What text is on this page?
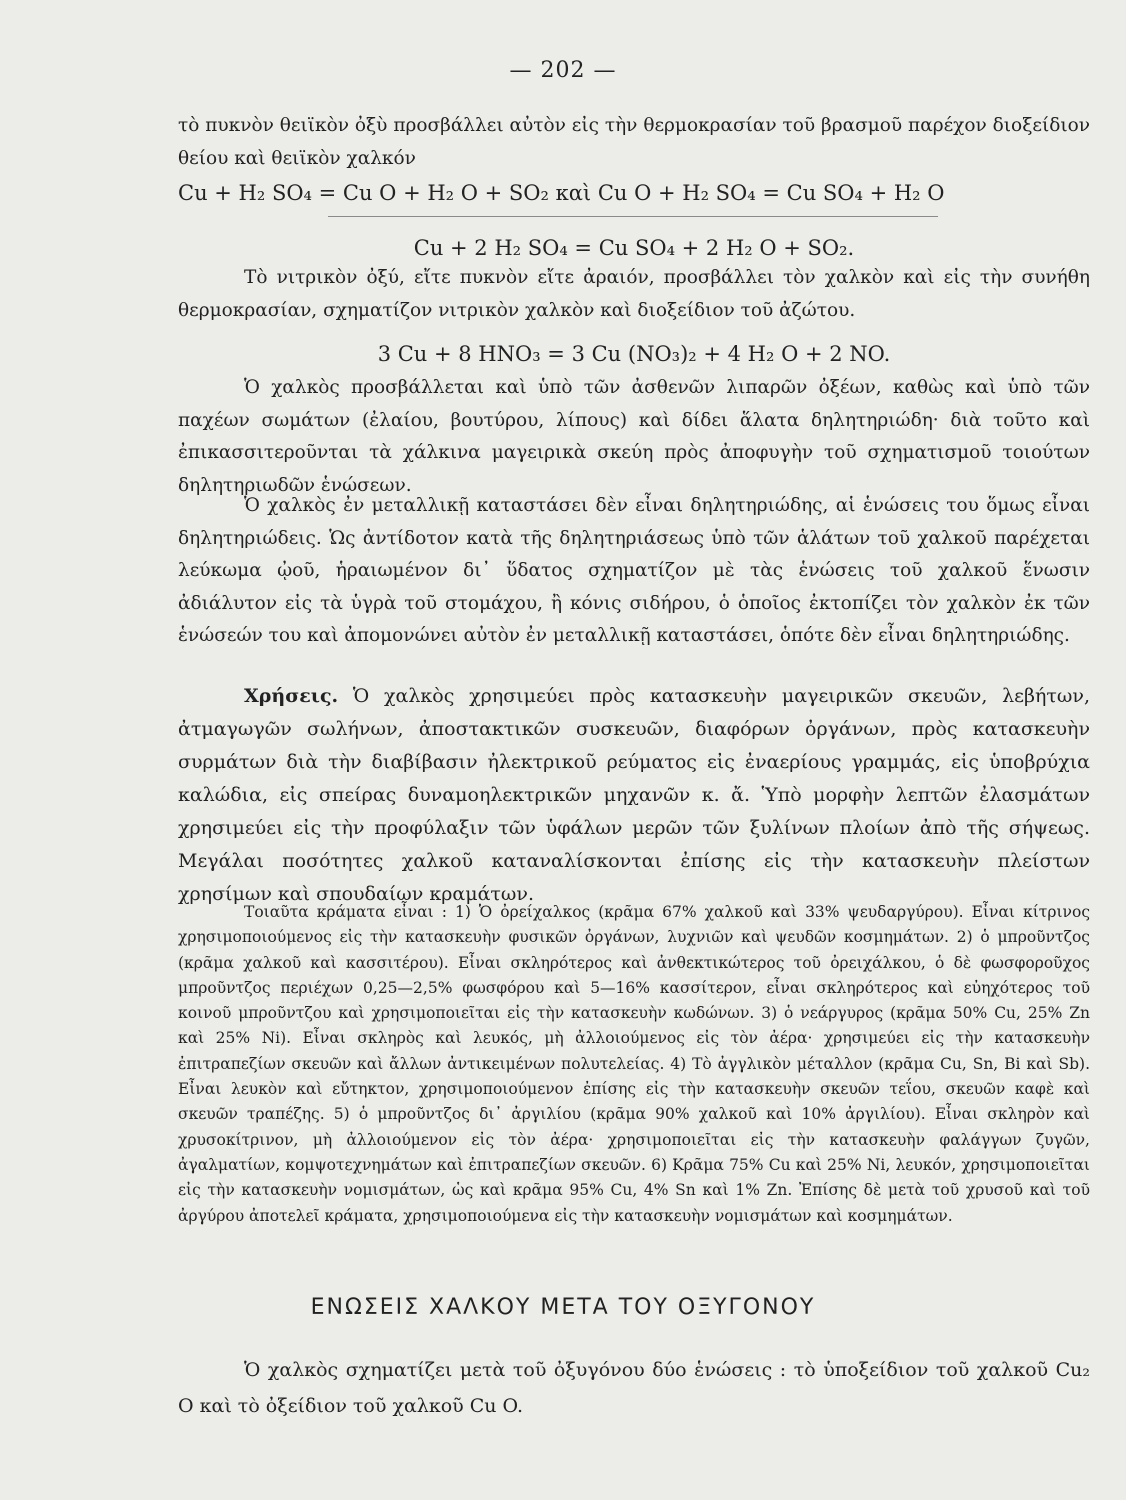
— 202 —

τὸ πυκνὸν θειϊκὸν ὀξὺ προσβάλλει αὐτὸν εἰς τὴν θερμοκρασίαν τοῦ βρασμοῦ παρέχον διοξείδιον θείου καὶ θειϊκὸν χαλκόν

Cu + H₂ SO₄ = Cu O + H₂ O + SO₂ καὶ Cu O + H₂ SO₄ = Cu SO₄ + H₂ O
Cu + 2 H₂ SO₄ = Cu SO₄ + 2 H₂ O + SO₂.

Τὸ νιτρικὸν ὀξύ, εἴτε πυκνὸν εἴτε ἀραιόν, προσβάλλει τὸν χαλκὸν καὶ εἰς τὴν συνήθη θερμοκρασίαν, σχηματίζον νιτρικὸν χαλκὸν καὶ διοξείδιον τοῦ ἀζώτου.

3 Cu + 8 HNO₃ = 3 Cu (NO₃)₂ + 4 H₂ O + 2 NO.

Ὁ χαλκὸς προσβάλλεται καὶ ὑπὸ τῶν ἀσθενῶν λιπαρῶν ὀξέων, καθὼς καὶ ὑπὸ τῶν παχέων σωμάτων (ἐλαίου, βουτύρου, λίπους) καὶ δίδει ἅλατα δηλητηριώδη· διὰ τοῦτο καὶ ἐπικασσιτεροῦνται τὰ χάλκινα μαγειρικὰ σκεύη πρὸς ἀποφυγὴν τοῦ σχηματισμοῦ τοιούτων δηλητηριωδῶν ἑνώσεων.

Ὁ χαλκὸς ἐν μεταλλικῇ καταστάσει δὲν εἶναι δηλητηριώδης, αἱ ἑνώσεις του ὅμως εἶναι δηλητηριώδεις. Ὡς ἀντίδοτον κατὰ τῆς δηλητηριάσεως ὑπὸ τῶν ἁλάτων τοῦ χαλκοῦ παρέχεται λεύκωμα ᾠοῦ, ἡραιωμένον δι᾽ ὕδατος σχηματίζον μὲ τὰς ἑνώσεις τοῦ χαλκοῦ ἕνωσιν ἀδιάλυτον εἰς τὰ ὑγρὰ τοῦ στομάχου, ἢ κόνις σιδήρου, ὁ ὁποῖος ἐκτοπίζει τὸν χαλκὸν ἐκ τῶν ἑνώσεών του καὶ ἀπομονώνει αὐτὸν ἐν μεταλλικῇ καταστάσει, ὁπότε δὲν εἶναι δηλητηριώδης.

Χρήσεις. Ὁ χαλκὸς χρησιμεύει πρὸς κατασκευὴν μαγειρικῶν σκευῶν, λεβήτων, ἀτμαγωγῶν σωλήνων, ἀποστακτικῶν συσκευῶν, διαφόρων ὀργάνων, πρὸς κατασκευὴν συρμάτων διὰ τὴν διαβίβασιν ἠλεκτρικοῦ ρεύματος εἰς ἐναερίους γραμμάς, εἰς ὑποβρύχια καλώδια, εἰς σπείρας δυναμοηλεκτρικῶν μηχανῶν κ. ἄ. Ὑπὸ μορφὴν λεπτῶν ἐλασμάτων χρησιμεύει εἰς τὴν προφύλαξιν τῶν ὑφάλων μερῶν τῶν ξυλίνων πλοίων ἀπὸ τῆς σήψεως. Μεγάλαι ποσότητες χαλκοῦ καταναλίσκονται ἐπίσης εἰς τὴν κατασκευὴν πλείστων χρησίμων καὶ σπουδαίων κραμάτων.

Τοιαῦτα κράματα εἶναι : 1) Ὁ ὀρείχαλκος (κρᾶμα 67% χαλκοῦ καὶ 33% ψευδαργύρου). Εἶναι κίτρινος χρησιμοποιούμενος εἰς τὴν κατασκευὴν φυσικῶν ὀργάνων, λυχνιῶν καὶ ψευδῶν κοσμημάτων. 2) ὁ μπροῦντζος (κρᾶμα χαλκοῦ καὶ κασσιτέρου). Εἶναι σκληρότερος καὶ ἀνθεκτικώτερος τοῦ ὀρειχάλκου, ὁ δὲ φωσφοροῦχος μπροῦντζος περιέχων 0,25—2,5% φωσφόρου καὶ 5—16% κασσίτερον, εἶναι σκληρότερος καὶ εὐηχότερος τοῦ κοινοῦ μπροῦντζου καὶ χρησιμοποιεῖται εἰς τὴν κατασκευὴν κωδώνων. 3) ὁ νεάργυρος (κρᾶμα 50% Cu, 25% Zn καὶ 25% Ni). Εἶναι σκληρὸς καὶ λευκός, μὴ ἀλλοιούμενος εἰς τὸν ἀέρα· χρησιμεύει εἰς τὴν κατασκευὴν ἐπιτραπεζίων σκευῶν καὶ ἄλλων ἀντικειμένων πολυτελείας. 4) Τὸ ἀγγλικὸν μέταλλον (κρᾶμα Cu, Sn, Bi καὶ Sb). Εἶναι λευκὸν καὶ εὔτηκτον, χρησιμοποιούμενον ἐπίσης εἰς τὴν κατασκευὴν σκευῶν τεΐου, σκευῶν καφὲ καὶ σκευῶν τραπέζης. 5) ὁ μπροῦντζος δι᾽ ἀργιλίου (κρᾶμα 90% χαλκοῦ καὶ 10% ἀργιλίου). Εἶναι σκληρὸν καὶ χρυσοκίτρινον, μὴ ἀλλοιούμενον εἰς τὸν ἀέρα· χρησιμοποιεῖται εἰς τὴν κατασκευὴν φαλάγγων ζυγῶν, ἀγαλματίων, κομψοτεχνημάτων καὶ ἐπιτραπεζίων σκευῶν. 6) Κρᾶμα 75% Cu καὶ 25% Ni, λευκόν, χρησιμοποιεῖται εἰς τὴν κατασκευὴν νομισμάτων, ὡς καὶ κρᾶμα 95% Cu, 4% Sn καὶ 1% Zn. Ἐπίσης δὲ μετὰ τοῦ χρυσοῦ καὶ τοῦ ἀργύρου ἀποτελεῖ κράματα, χρησιμοποιούμενα εἰς τὴν κατασκευὴν νομισμάτων καὶ κοσμημάτων.

ΕΝΩΣΕΙΣ ΧΑΛΚΟΥ ΜΕΤΑ ΤΟΥ ΟΞΥΓΟΝΟΥ

Ὁ χαλκὸς σχηματίζει μετὰ τοῦ ὀξυγόνου δύο ἑνώσεις : τὸ ὑποξείδιον τοῦ χαλκοῦ Cu₂ O καὶ τὸ ὀξείδιον τοῦ χαλκοῦ Cu O.
